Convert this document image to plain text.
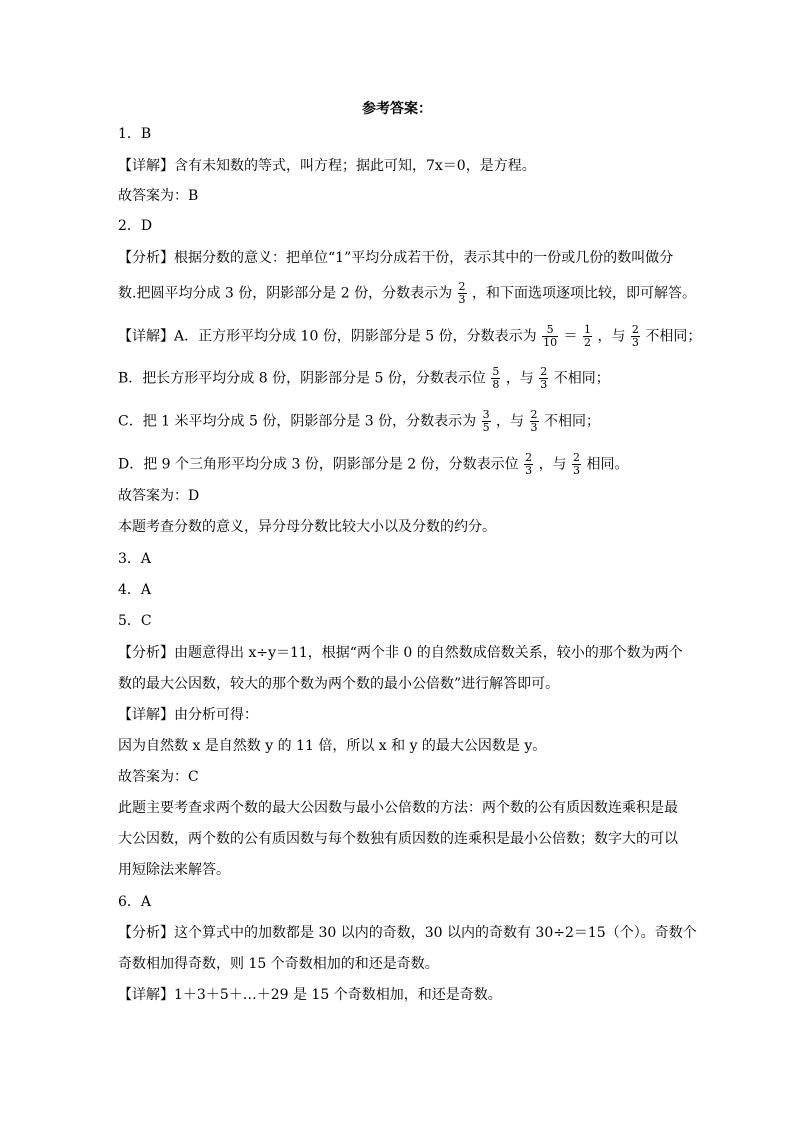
参考答案：
1．B
【详解】含有未知数的等式，叫方程；据此可知，7x＝0，是方程。
故答案为：B
2．D
【分析】根据分数的意义：把单位“1”平均分成若干份，表示其中的一份或几份的数叫做分
数.把圆平均分成 3 份，阴影部分是 2 份，分数表示为 $\frac{2}{3}$ ，和下面选项逐项比较，即可解答。
【详解】A．正方形平均分成 10 份，阴影部分是 5 份，分数表示为 $\frac{5}{10} = \frac{1}{2}$ ，与 $\frac{2}{3}$ 不相同；
B．把长方形平均分成 8 份，阴影部分是 5 份，分数表示位 $\frac{5}{8}$ ，与 $\frac{2}{3}$ 不相同；
C．把 1 米平均分成 5 份，阴影部分是 3 份，分数表示为 $\frac{3}{5}$ ，与 $\frac{2}{3}$ 不相同；
D．把 9 个三角形平均分成 3 份，阴影部分是 2 份，分数表示位 $\frac{2}{3}$ ，与 $\frac{2}{3}$ 相同。
故答案为：D
本题考查分数的意义，异分母分数比较大小以及分数的约分。
3．A
4．A
5．C
【分析】由题意得出 x÷y＝11，根据“两个非 0 的自然数成倍数关系，较小的那个数为两个
数的最大公因数，较大的那个数为两个数的最小公倍数”进行解答即可。
【详解】由分析可得：
因为自然数 x 是自然数 y 的 11 倍，所以 x 和 y 的最大公因数是 y。
故答案为：C
此题主要考查求两个数的最大公因数与最小公倍数的方法：两个数的公有质因数连乘积是最
大公因数，两个数的公有质因数与每个数独有质因数的连乘积是最小公倍数；数字大的可以
用短除法来解答。
6．A
【分析】这个算式中的加数都是 30 以内的奇数，30 以内的奇数有 30÷2＝15（个）。奇数个
奇数相加得奇数，则 15 个奇数相加的和还是奇数。
【详解】1＋3＋5＋…＋29 是 15 个奇数相加，和还是奇数。
